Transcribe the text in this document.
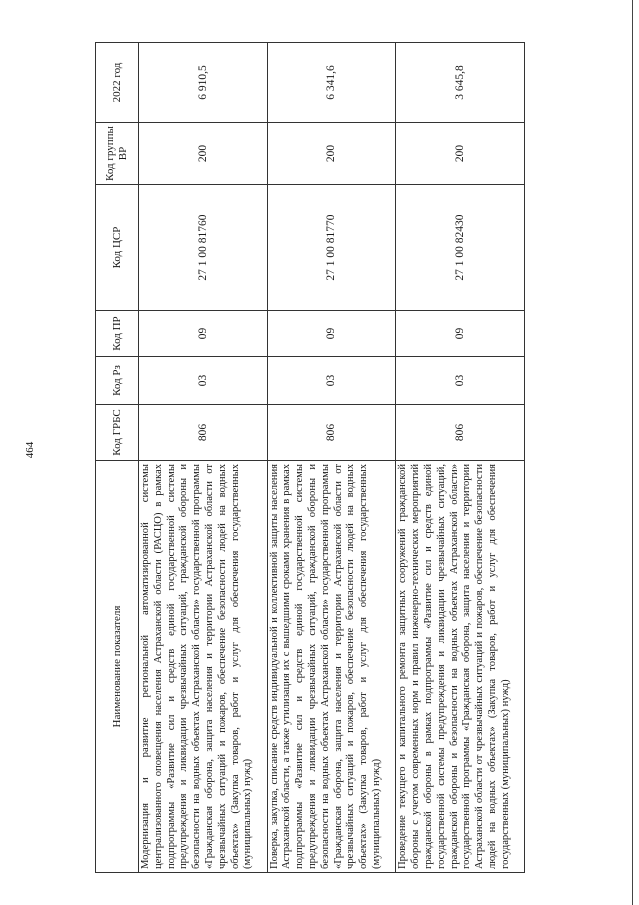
464
Наименование показателя	Код ГРБС	Код Рз	Код ПР	Код ЦСР	Код группы ВР	2022 год
Модернизация и развитие региональной автоматизированной системы централизованного оповещения населения Астраханской области (РАСЦО) в рамках подпрограммы «Развитие сил и средств единой государственной системы предупреждения и ликвидации чрезвычайных ситуаций, гражданской обороны и безопасности на водных объектах Астраханской области» государственной программы «Гражданская оборона, защита населения и территории Астраханской области от чрезвычайных ситуаций и пожаров, обеспечение безопасности людей на водных объектах» (Закупка товаров, работ и услуг для обеспечения государственных (муниципальных) нужд)	806	03	09	27 1 00 81760	200	6 910,5
Поверка, закупка, списание средств индивидуальной и коллективной защиты населения Астраханской области, а также утилизация их с вышедшими сроками хранения в рамках подпрограммы «Развитие сил и средств единой государственной системы предупреждения и ликвидации чрезвычайных ситуаций, гражданской обороны и безопасности на водных объектах Астраханской области» государственной программы «Гражданская оборона, защита населения и территории Астраханской области от чрезвычайных ситуаций и пожаров, обеспечение безопасности людей на водных объектах» (Закупка товаров, работ и услуг для обеспечения государственных (муниципальных) нужд)	806	03	09	27 1 00 81770	200	6 341,6
Проведение текущего и капитального ремонта защитных сооружений гражданской обороны с учетом современных норм и правил инженерно-технических мероприятий гражданской обороны в рамках подпрограммы «Развитие сил и средств единой государственной системы предупреждения и ликвидации чрезвычайных ситуаций, гражданской обороны и безопасности на водных объектах Астраханской области» государственной программы «Гражданская оборона, защита населения и территории Астраханской области от чрезвычайных ситуаций и пожаров, обеспечение безопасности людей на водных объектах» (Закупка товаров, работ и услуг для обеспечения государственных (муниципальных) нужд)	806	03	09	27 1 00 82430	200	3 645,8
